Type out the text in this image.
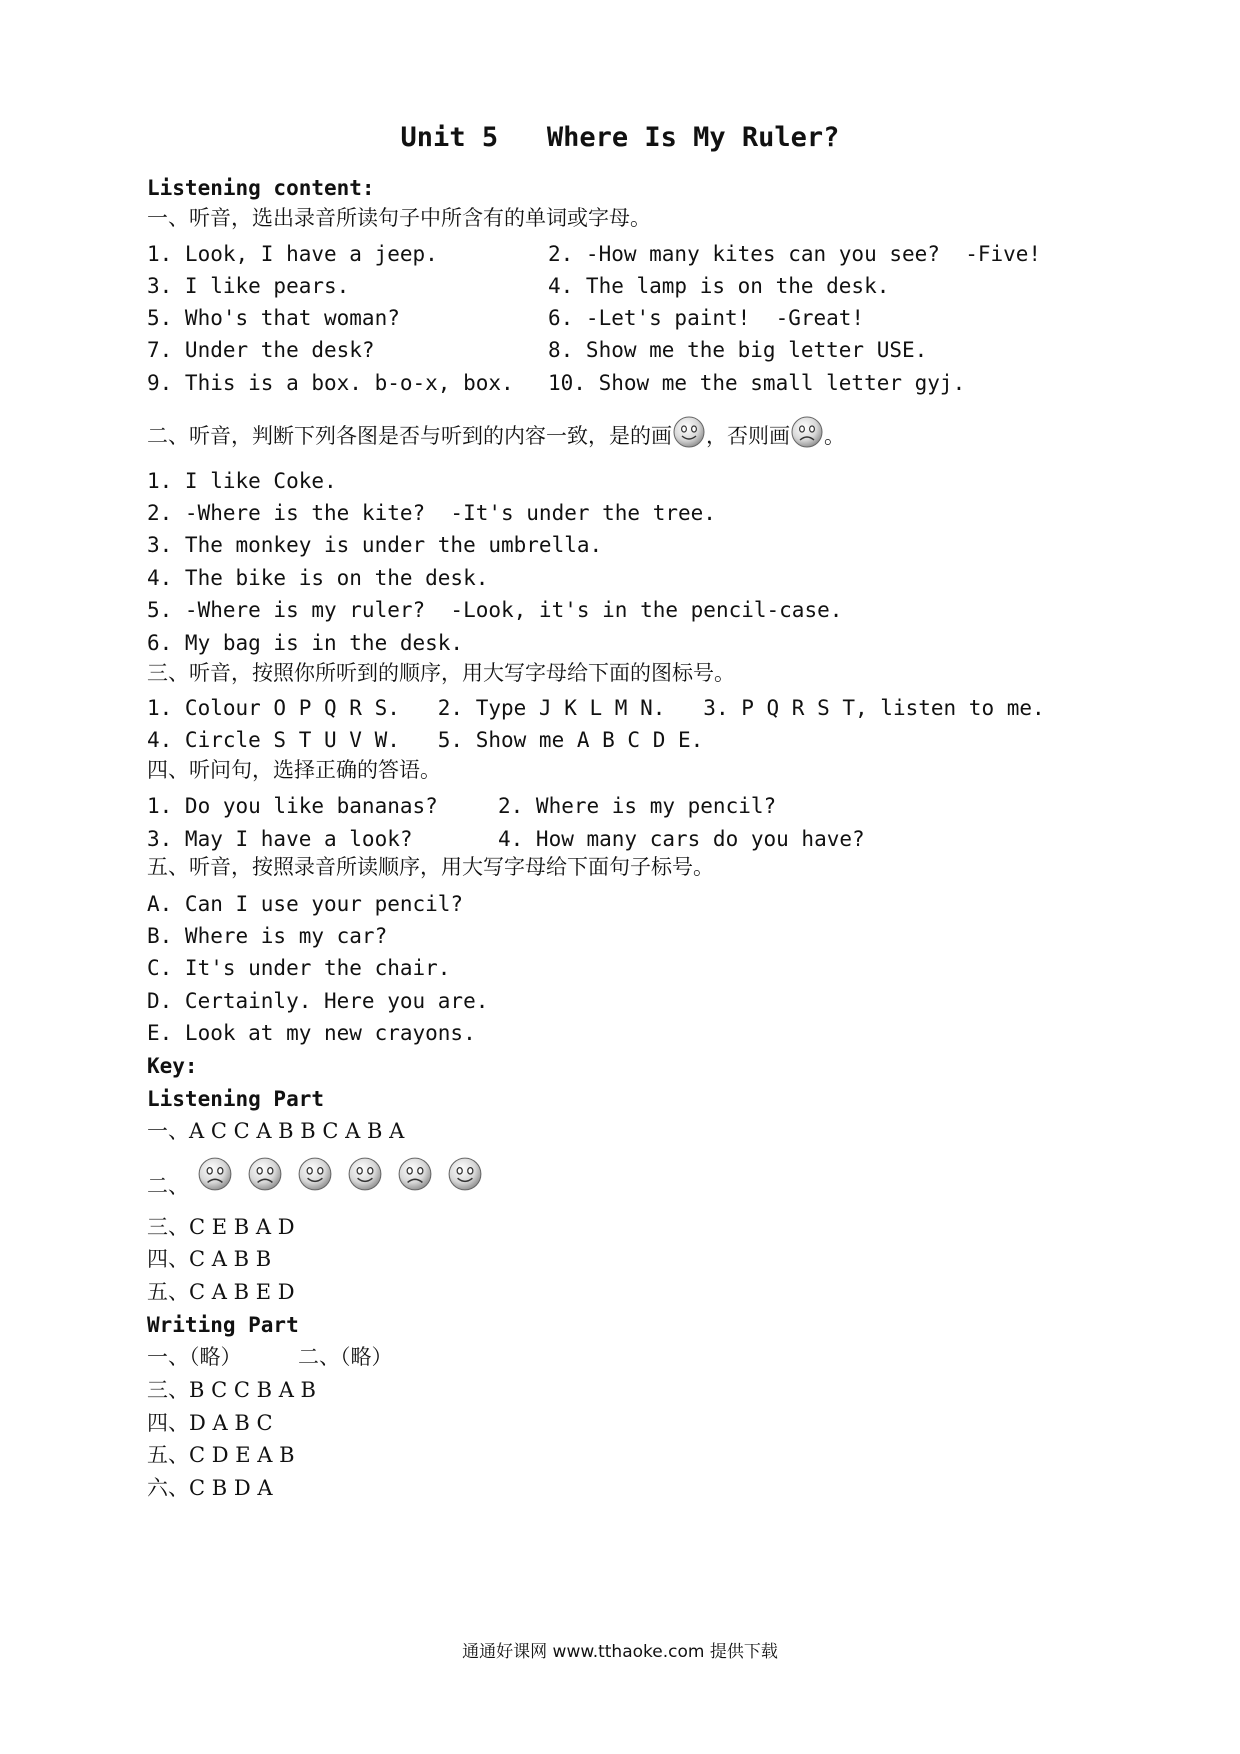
Unit 5   Where Is My Ruler?
Listening content:
一、听音，选出录音所读句子中所含有的单词或字母。
1. Look, I have a jeep.
3. I like pears.
5. Who's that woman?
7. Under the desk?
9. This is a box. b-o-x, box.
2. -How many kites can you see?  -Five!
4. The lamp is on the desk.
6. -Let's paint!  -Great!
8. Show me the big letter USE.
10. Show me the small letter gyj.
二、听音，判断下列各图是否与听到的内容一致，是的画 ，否则画 。
1. I like Coke.
2. -Where is the kite?  -It's under the tree.
3. The monkey is under the umbrella.
4. The bike is on the desk.
5. -Where is my ruler?  -Look, it's in the pencil-case.
6. My bag is in the desk.
三、听音，按照你所听到的顺序，用大写字母给下面的图标号。
1. Colour O P Q R S.   2. Type J K L M N.   3. P Q R S T, listen to me.
4. Circle S T U V W.   5. Show me A B C D E.
四、听问句，选择正确的答语。
1. Do you like bananas?
3. May I have a look?
2. Where is my pencil?
4. How many cars do you have?
五、听音，按照录音所读顺序，用大写字母给下面句子标号。
A. Can I use your pencil?
B. Where is my car?
C. It's under the chair.
D. Certainly. Here you are.
E. Look at my new crayons.
Key:
Listening Part
一、A C C A B B C A B A
二、
三、C E B A D
四、C A B B
五、C A B E D
Writing Part
一、（略）	二、（略）
三、B C C B A B
四、D A B C
五、C D E A B
六、C B D A
通通好课网 www.tthaoke.com 提供下载
